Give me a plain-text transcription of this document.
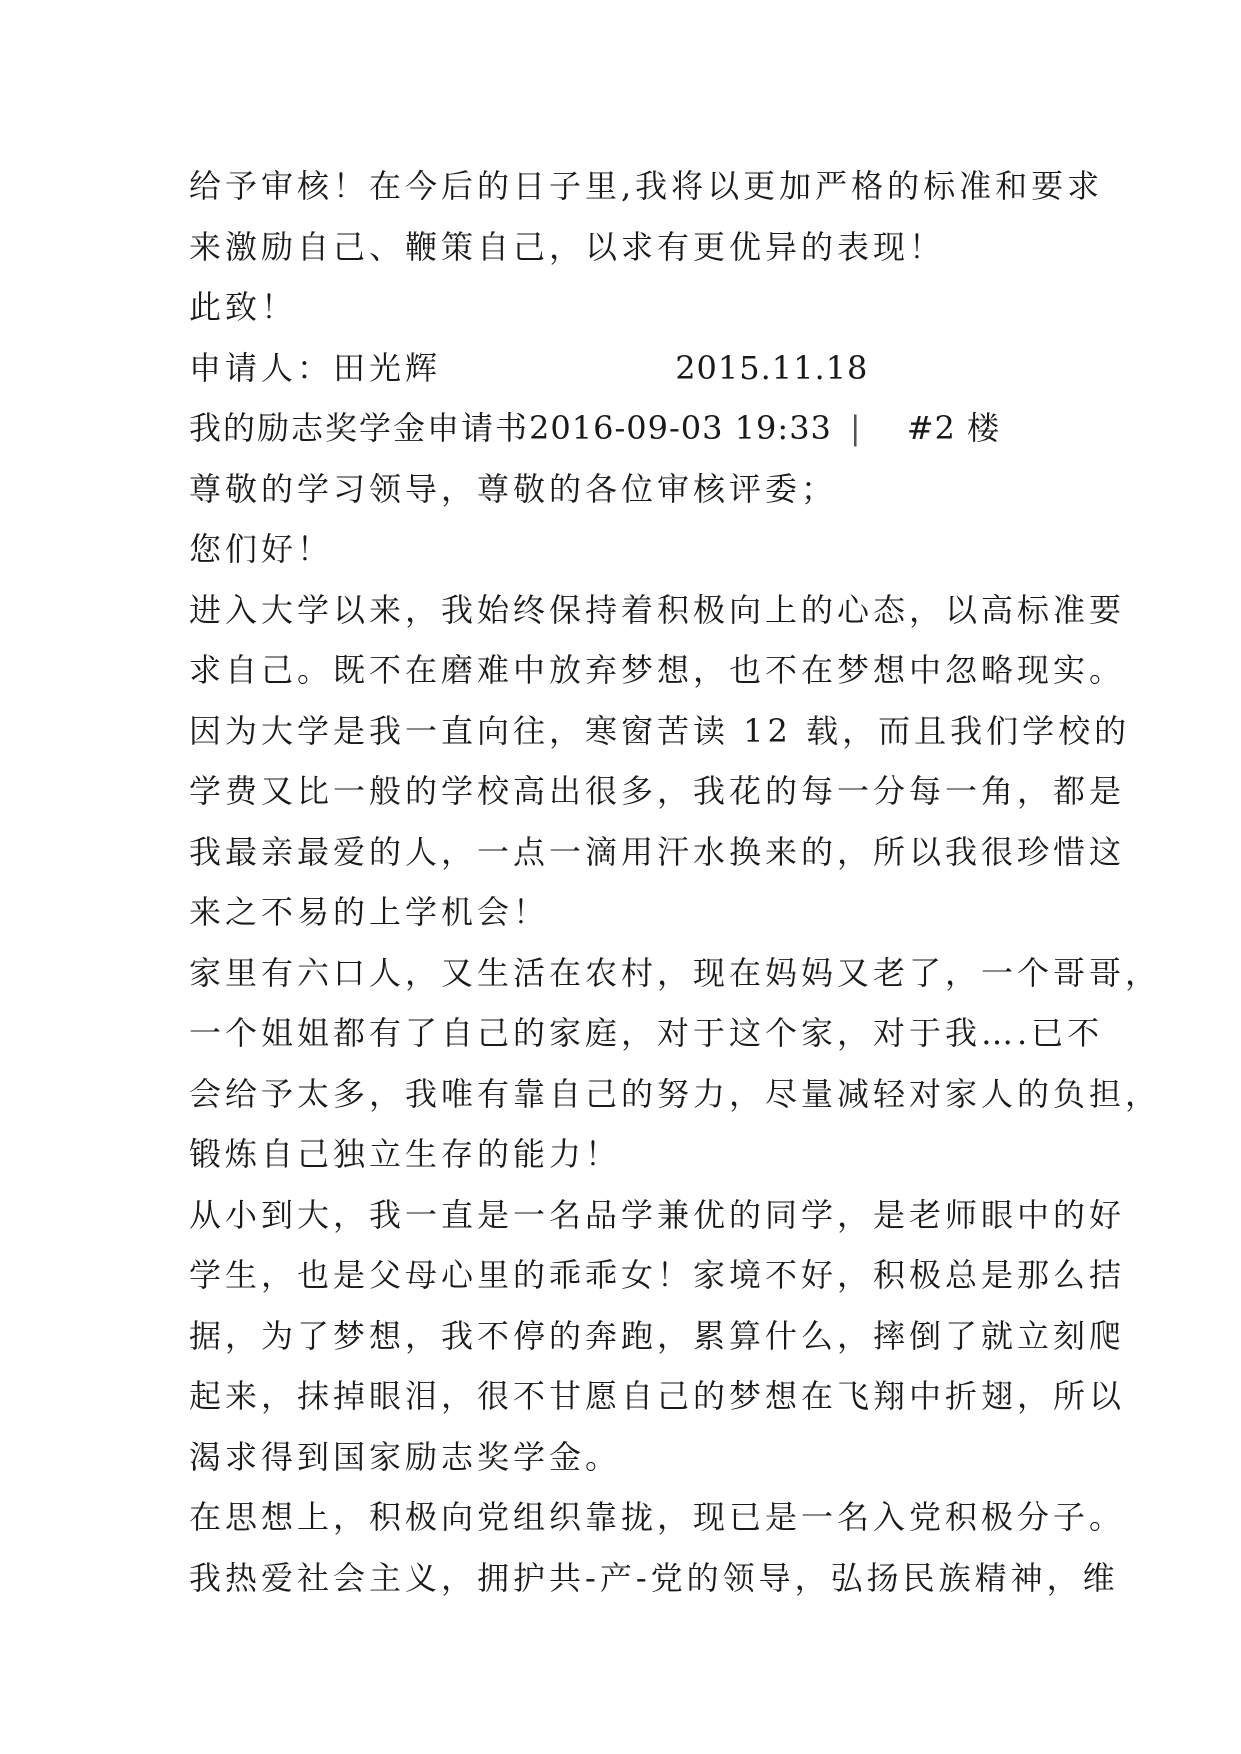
给予审核！在今后的日子里,我将以更加严格的标准和要求
来激励自己、鞭策自己，以求有更优异的表现！
此致！
申请人：田光辉	2015.11.18
我的励志奖学金申请书2016-09-03 19:33 | #2 楼
尊敬的学习领导，尊敬的各位审核评委；
您们好！
进入大学以来，我始终保持着积极向上的心态，以高标准要
求自己。既不在磨难中放弃梦想，也不在梦想中忽略现实。
因为大学是我一直向往，寒窗苦读 12 载，而且我们学校的
学费又比一般的学校高出很多，我花的每一分每一角，都是
我最亲最爱的人，一点一滴用汗水换来的，所以我很珍惜这
来之不易的上学机会！
家里有六口人，又生活在农村，现在妈妈又老了，一个哥哥，
一个姐姐都有了自己的家庭，对于这个家，对于我….已不
会给予太多，我唯有靠自己的努力，尽量减轻对家人的负担，
锻炼自己独立生存的能力！
从小到大，我一直是一名品学兼优的同学，是老师眼中的好
学生，也是父母心里的乖乖女！家境不好，积极总是那么拮
据，为了梦想，我不停的奔跑，累算什么，摔倒了就立刻爬
起来，抹掉眼泪，很不甘愿自己的梦想在飞翔中折翅，所以
渴求得到国家励志奖学金。
在思想上，积极向党组织靠拢，现已是一名入党积极分子。
我热爱社会主义，拥护共-产-党的领导，弘扬民族精神，维
